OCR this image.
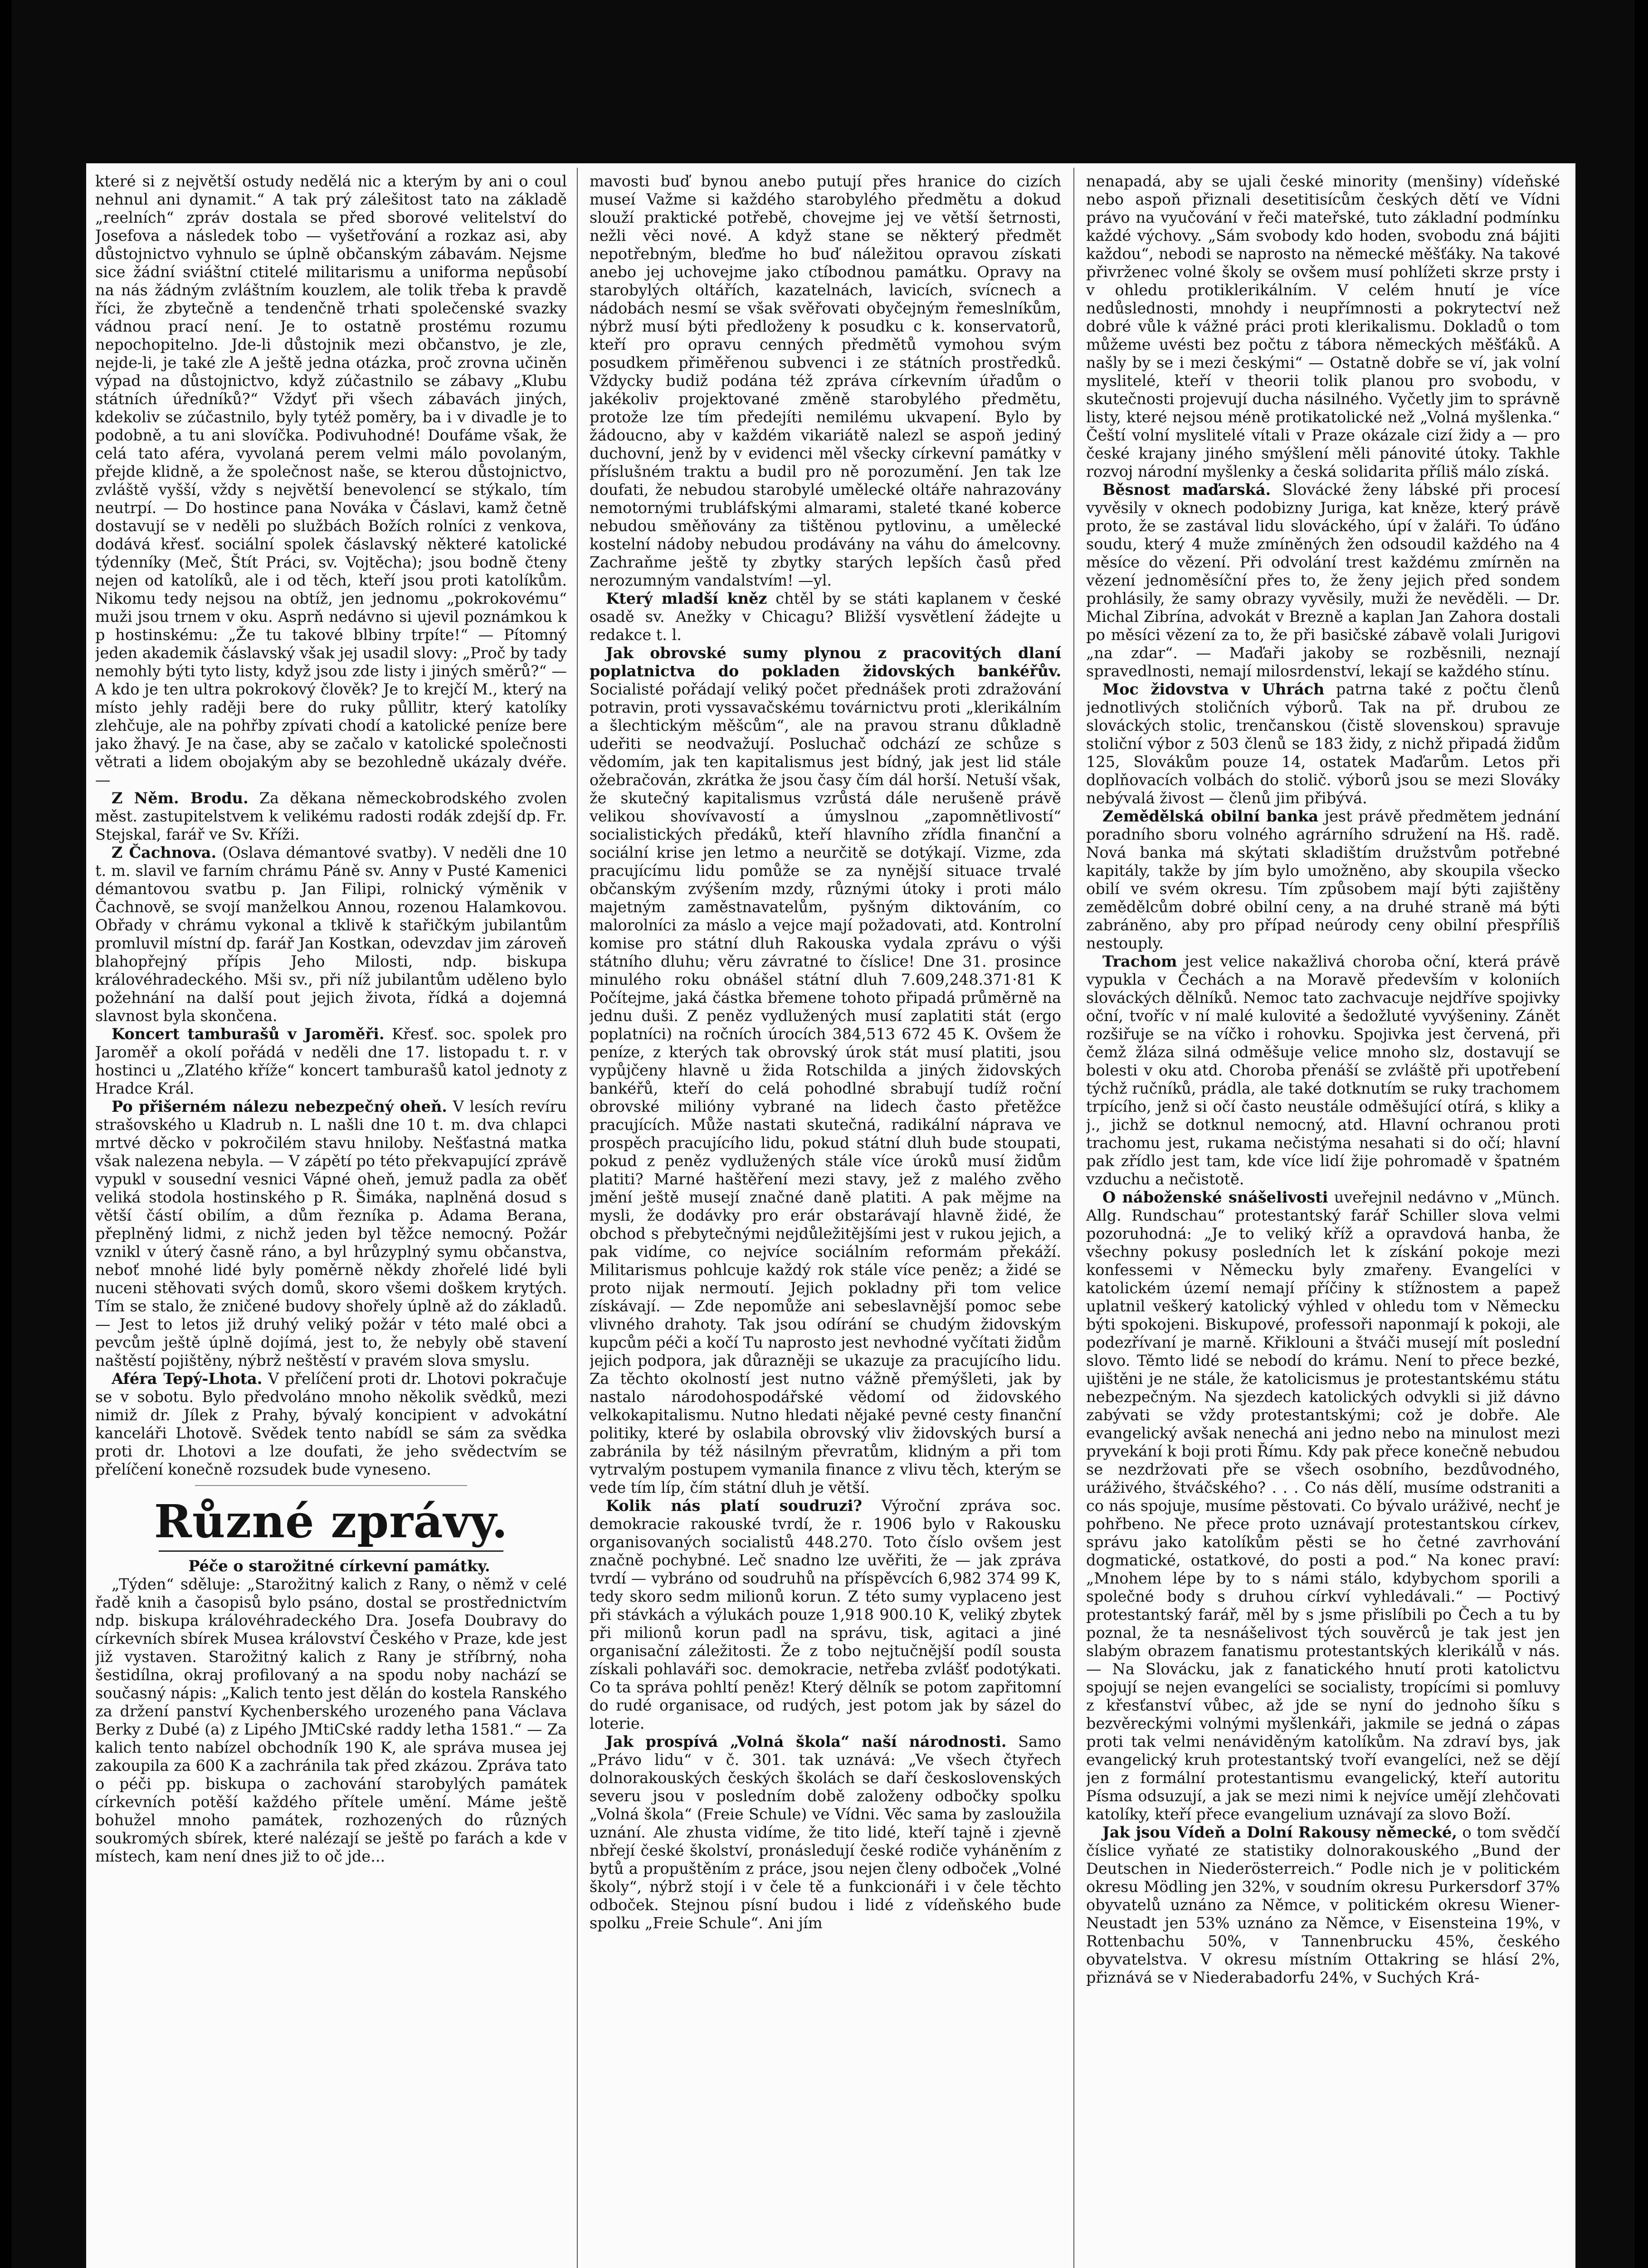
které si z největší ostudy nedělá nic a kterým by ani o coul nehnul ani dynamit.“ A tak prý zálešitost tato na základě „reelních“ zpráv dostala se před sborové velitelství do Josefova a následek tobo — vyšetřování a rozkaz asi, aby důstojnictvo vyhnulo se úplně občanským zábavám. Nejsme sice žádní sviáštní ctitelé militarismu a uniforma nepůsobí na nás žádným zvláštním kouzlem, ale tolik třeba k pravdě říci, že zbytečně a tendenčně trhati společenské svazky vádnou prací není. Je to ostatně prostému rozumu nepochopitelno. Jde-li důstojnik mezi občanstvo, je zle, nejde-li, je také zle A ještě jedna otázka, proč zrovna učiněn výpad na důstojnictvo, když zúčastnilo se zábavy „Klubu státních úředníků?“ Vždyť při všech zábavách jiných, kdekoliv se zúčastnilo, byly tytéž poměry, ba i v divadle je to podobně, a tu ani slovíčka. Podivuhodné! Doufáme však, že celá tato aféra, vyvolaná perem velmi málo povolaným, přejde klidně, a že společnost naše, se kterou důstojnictvo, zvláště vyšší, vždy s největší benevolencí se stýkalo, tím neutrpí. — Do hostince pana Nováka v Čáslavi, kamž četně dostavují se v neděli po službách Božích rolníci z venkova, dodává křesť. sociální spolek čáslavský některé katolické týdenníky (Meč, Štít Práci, sv. Vojtěcha); jsou bodně čteny nejen od katolíků, ale i od těch, kteří jsou proti katolíkům. Nikomu tedy nejsou na obtíž, jen jednomu „pokrokovému“ muži jsou trnem v oku. Asprň nedávno si ujevil poznámkou k p hostinskému: „Že tu takové blbiny trpíte!“ — Pítomný jeden akademik čáslavský však jej usadil slovy: „Proč by tady nemohly býti tyto listy, když jsou zde listy i jiných směrů?“ — A kdo je ten ultra pokrokový člověk? Je to krejčí M., který na místo jehly raději bere do ruky půllitr, který katolíky zlehčuje, ale na pohřby zpívati chodí a katolické peníze bere jako žhavý. Je na čase, aby se začalo v katolické společnosti větrati a lidem obojakým aby se bezohledně ukázaly dvéře. —

Z Něm. Brodu. Za děkana německobrodského zvolen měst. zastupitelstvem k velikému radosti rodák zdejší dp. Fr. Stejskal, farář ve Sv. Kříži.

Z Čachnova. (Oslava démantové svatby). V neděli dne 10 t. m. slavil ve farním chrámu Páně sv. Anny v Pusté Kamenici démantovou svatbu p. Jan Filipi, rolnický výměnik v Čachnově, se svojí manželkou Annou, rozenou Halamkovou. Obřady v chrámu vykonal a tklivě k stařičkým jubilantům promluvil místní dp. farář Jan Kostkan, odevzdav jim zároveň blahopřejný přípis Jeho Milosti, ndp. biskupa královéhradeckého. Mši sv., při níž jubilantům uděleno bylo požehnání na další pout jejich života, řídká a dojemná slavnost byla skončena.

Koncert tamburašů v Jaroměři. Křesť. soc. spolek pro Jaroměř a okolí pořádá v neděli dne 17. listopadu t. r. v hostinci u „Zlatého kříže“ koncert tamburašů katol jednoty z Hradce Král.

Po přišerném nálezu nebezpečný oheň. V lesích revíru strašovského u Kladrub n. L našli dne 10 t. m. dva chlapci mrtvé děcko v pokročilém stavu hniloby. Nešťastná matka však nalezena nebyla. — V zápětí po této překvapující zprávě vypukl v sousední vesnici Vápné oheň, jemuž padla za oběť veliká stodola hostinského p R. Šimáka, naplněná dosud s větší částí obilím, a dům řezníka p. Adama Berana, přeplněný lidmi, z nichž jeden byl těžce nemocný. Požár vznikl v úterý časně ráno, a byl hrůzyplný symu občanstva, neboť mnohé lidé byly poměrně někdy zhořelé lidé byli nuceni stěhovati svých domů, skoro všemi doškem krytých. Tím se stalo, že zničené budovy shořely úplně až do základů. — Jest to letos již druhý veliký požár v této malé obci a pevcům ještě úplně dojímá, jest to, že nebyly obě stavení naštěstí pojištěny, nýbrž neštěstí v pravém slova smyslu.

Aféra Tepý-Lhota. V přelíčení proti dr. Lhotovi pokračuje se v sobotu. Bylo předvoláno mnoho několik svědků, mezi nimiž dr. Jílek z Prahy, bývalý koncipient v advokátní kanceláři Lhotově. Svědek tento nabídl se sám za svědka proti dr. Lhotovi a lze doufati, že jeho svědectvím se přelíčení konečně rozsudek bude vyneseno.

Různé zprávy.

Péče o starožitné církevní památky.

„Týden“ sděluje: „Starožitný kalich z Rany, o němž v celé řadě knih a časopisů bylo psáno, dostal se prostřednictvím ndp. biskupa královéhradeckého Dra. Josefa Doubravy do církevních sbírek Musea království Českého v Praze, kde jest již vystaven. Starožitný kalich z Rany je stříbrný, noha šestidílna, okraj profilovaný a na spodu noby nachází se současný nápis: „Kalich tento jest dělán do kostela Ranského za držení panství Kychenberského urozeného pana Václava Berky z Dubé (a) z Lipého JMtiCské raddy letha 1581.“ — Za kalich tento nabízel obchodník 190 K, ale správa musea jej zakoupila za 600 K a zachránila tak před zkázou. Zpráva tato o péči pp. biskupa o zachování starobylých památek církevních potěší každého přítele umění. Máme ještě bohužel mnoho památek, rozhozených do různých soukromých sbírek, které nalézají se ještě po farách a kde v místech, kam není dnes již to oč jde...

mavosti buď bynou anebo putují přes hranice do cizích museí Važme si každého starobylého předmětu a dokud slouží praktické potřebě, chovejme jej ve větší šetrnosti, nežli věci nové. A když stane se některý předmět nepotřebným, bleďme ho buď náležitou opravou získati anebo jej uchovejme jako ctíbodnou památku. Opravy na starobylých oltářích, kazatelnách, lavicích, svícnech a nádobách nesmí se však svěřovati obyčejným řemeslníkům, nýbrž musí býti předloženy k posudku c k. konservatorů, kteří pro opravu cenných předmětů vymohou svým posudkem přiměřenou subvenci i ze státních prostředků. Vždycky budiž podána též zpráva církevním úřadům o jakékoliv projektované změně starobylého předmětu, protože lze tím předejíti nemilému ukvapení. Bylo by žádoucno, aby v každém vikariátě nalezl se aspoň jediný duchovní, jenž by v evidenci měl všecky církevní památky v příslušném traktu a budil pro ně porozumění. Jen tak lze doufati, že nebudou starobylé umělecké oltáře nahrazovány nemotornými trubláfskými almarami, staleté tkané koberce nebudou směňovány za tištěnou pytlovinu, a umělecké kostelní nádoby nebudou prodávány na váhu do ámelcovny. Zachraňme ještě ty zbytky starých lepších časů před nerozumným vandalstvím! —yl.

Který mladší kněz chtěl by se státi kaplanem v české osadě sv. Anežky v Chicagu? Bližší vysvětlení žádejte u redakce t. l.

Jak obrovské sumy plynou z pracovitých dlaní poplatnictva do pokladen židovských bankéřův. Socialisté pořádají veliký počet přednášek proti zdražování potravin, proti vyssavačskému továrnictvu proti „klerikálním a šlechtickým měšcům“, ale na pravou stranu důkladně udeřiti se neodvažují. Posluchač odchází ze schůze s vědomím, jak ten kapitalismus jest bídný, jak jest lid stále ožebračován, zkrátka že jsou časy čím dál horší. Netuší však, že skutečný kapitalismus vzrůstá dále nerušeně právě velikou shovívavostí a úmyslnou „zapomnětlivostí“ socialistických předáků, kteří hlavního zřídla finanční a sociální krise jen letmo a neurčitě se dotýkají. Vizme, zda pracujícímu lidu pomůže se za nynější situace trvalé občanským zvýšením mzdy, různými útoky i proti málo majetným zaměstnavatelům, pyšným diktováním, co malorolníci za máslo a vejce mají požadovati, atd. Kontrolní komise pro státní dluh Rakouska vydala zprávu o výši státního dluhu; věru závratné to číslice! Dne 31. prosince minulého roku obnášel státní dluh 7.609,248.371·81 K Počítejme, jaká částka břemene tohoto připadá průměrně na jednu duši. Z peněz vydlužených musí zaplatiti stát (ergo poplatníci) na ročních úrocích 384,513 672 45 K. Ovšem že peníze, z kterých tak obrovský úrok stát musí platiti, jsou vypůjčeny hlavně u žida Rotschilda a jiných židovských bankéřů, kteří do celá pohodlné sbrabují tudíž roční obrovské milióny vybrané na lidech často přetěžce pracujících. Může nastati skutečná, radikální náprava ve prospěch pracujícího lidu, pokud státní dluh bude stoupati, pokud z peněz vydlužených stále více úroků musí židům platiti? Marné haštěření mezi stavy, jež z malého zvěho jmění ještě musejí značné daně platiti. A pak mějme na mysli, že dodávky pro erár obstarávají hlavně židé, že obchod s přebytečnými nejdůležitějšími jest v rukou jejich, a pak vidíme, co nejvíce sociálním reformám překáží. Militarismus pohlcuje každý rok stále více peněz; a židé se proto nijak nermoutí. Jejich pokladny při tom velice získávají. — Zde nepomůže ani sebeslavnější pomoc sebe vlivného drahoty. Tak jsou odírání se chudým židovským kupcům péči a kočí Tu naprosto jest nevhodné vyčítati židům jejich podpora, jak důrazněji se ukazuje za pracujícího lidu. Za těchto okolností jest nutno vážně přemýšleti, jak by nastalo národohospodářské vědomí od židovského velkokapitalismu. Nutno hledati nějaké pevné cesty finanční politiky, které by oslabila obrovský vliv židovských bursí a zabránila by též násilným převratům, klidným a při tom vytrvalým postupem vymanila finance z vlivu těch, kterým se vede tím líp, čím státní dluh je větší.

Kolik nás platí soudruzi? Výroční zpráva soc. demokracie rakouské tvrdí, že r. 1906 bylo v Rakousku organisovaných socialistů 448.270. Toto číslo ovšem jest značně pochybné. Leč snadno lze uvěřiti, že — jak zpráva tvrdí — vybráno od soudruhů na příspěvcích 6,982 374 99 K, tedy skoro sedm milionů korun. Z této sumy vyplaceno jest při stávkách a výlukách pouze 1,918 900.10 K, veliký zbytek při milionů korun padl na správu, tisk, agitaci a jiné organisační záležitosti. Že z tobo nejtučnější podíl sousta získali pohlaváři soc. demokracie, netřeba zvlášť podotýkati. Co ta správa pohltí peněz! Který dělník se potom zapřitomní do rudé organisace, od rudých, jest potom jak by sázel do loterie.

Jak prospívá „Volná škola“ naší národnosti. Samo „Právo lidu“ v č. 301. tak uznává: „Ve všech čtyřech dolnorakouských českých školách se daří československých severu jsou v posledním době založeny odbočky spolku „Volná škola“ (Freie Schule) ve Vídni. Věc sama by zasloužila uznání. Ale zhusta vidíme, že tito lidé, kteří tajně i zjevně nbřejí české školství, pronásledují české rodiče vyháněním z bytů a propuštěním z práce, jsou nejen členy odboček „Volné školy“, nýbrž stojí i v čele tě a funkcionáři i v čele těchto odboček. Stejnou písní budou i lidé z vídeňského bude spolku „Freie Schule“. Ani jím

nenapadá, aby se ujali české minority (menšiny) vídeňské nebo aspoň přiznali desetitisícům českých dětí ve Vídni právo na vyučování v řeči mateřské, tuto základní podmínku každé výchovy. „Sám svobody kdo hoden, svobodu zná bájiti každou“, nebodi se naprosto na německé měšťáky. Na takové přivrženec volné školy se ovšem musí pohlížeti skrze prsty i v ohledu protiklerikálním. V celém hnutí je více nedůslednosti, mnohdy i neupřímnosti a pokrytectví než dobré vůle k vážné práci proti klerikalismu. Dokladů o tom můžeme uvésti bez počtu z tábora německých měšťáků. A našly by se i mezi českými“ — Ostatně dobře se ví, jak volní myslitelé, kteří v theorii tolik planou pro svobodu, v skutečnosti projevují ducha násilného. Vyčetly jim to správně listy, které nejsou méně protikatolické než „Volná myšlenka.“ Čeští volní myslitelé vítali v Praze okázale cizí židy a — pro české krajany jiného smýšlení měli pánovité útoky. Takhle rozvoj národní myšlenky a česká solidarita příliš málo získá.

Běsnost maďarská. Slovácké ženy lábské při procesí vyvěsily v oknech podobizny Juriga, kat kněze, který právě proto, že se zastával lidu slováckého, úpí v žaláři. To úďáno soudu, který 4 muže zmíněných žen odsoudil každého na 4 měsíce do vězení. Při odvolání trest každému zmírněn na vězení jednoměsíční přes to, že ženy jejich před sondem prohlásily, že samy obrazy vyvěsily, muži že nevěděli. — Dr. Michal Zibrína, advokát v Brezně a kaplan Jan Zahora dostali po měsíci vězení za to, že při basičské zábavě volali Jurigovi „na zdar“. — Maďaři jakoby se rozběsnili, neznají spravedlnosti, nemají milosrdenství, lekají se každého stínu.

Moc židovstva v Uhrách patrna také z počtu členů jednotlivých stoličních výborů. Tak na př. drubou ze slováckých stolic, trenčanskou (čistě slovenskou) spravuje stoliční výbor z 503 členů se 183 židy, z nichž připadá židům 125, Slovákům pouze 14, ostatek Maďarům. Letos při doplňovacích volbách do stolič. výborů jsou se mezi Slováky nebývalá živost — členů jim přibývá.

Zemědělská obilní banka jest právě předmětem jednání poradního sboru volného agrárního sdružení na Hš. radě. Nová banka má skýtati skladištím družstvům potřebné kapitály, takže by jím bylo umožněno, aby skoupila všecko obilí ve svém okresu. Tím způsobem mají býti zajištěny zemědělcům dobré obilní ceny, a na druhé straně má býti zabráněno, aby pro případ neúrody ceny obilní přespříliš nestouply.

Trachom jest velice nakažlivá choroba oční, která právě vypukla v Čechách a na Moravě především v koloniích slováckých dělníků. Nemoc tato zachvacuje nejdříve spojivky oční, tvoříc v ní malé kulovité a šedožluté vyvýšeniny. Zánět rozšiřuje se na víčko i rohovku. Spojivka jest červená, při čemž žláza silná odměšuje velice mnoho slz, dostavují se bolesti v oku atd. Choroba přenáší se zvláště při upotřebení týchž ručníků, prádla, ale také dotknutím se ruky trachomem trpícího, jenž si očí často neustále odměšující otírá, s kliky a j., jichž se dotknul nemocný, atd. Hlavní ochranou proti trachomu jest, rukama nečistýma nesahati si do očí; hlavní pak zřídlo jest tam, kde více lidí žije pohromadě v špatném vzduchu a nečistotě.

O náboženské snášelivosti uveřejnil nedávno v „Münch. Allg. Rundschau“ protestantský farář Schiller slova velmi pozoruhodná: „Je to veliký kříž a opravdová hanba, že všechny pokusy posledních let k získání pokoje mezi konfessemi v Německu byly zmařeny. Evangelíci v katolickém území nemají příčiny k stížnostem a papež uplatnil veškerý katolický výhled v ohledu tom v Německu býti spokojeni. Biskupové, professoři naponmají k pokoji, ale podezřívaní je marně. Křiklouni a štváči musejí mít poslední slovo. Těmto lidé se nebodí do krámu. Není to přece bezké, ujištěni je ne stále, že katolicismus je protestantskému státu nebezpečným. Na sjezdech katolických odvykli si již dávno zabývati se vždy protestantskými; což je dobře. Ale evangelický avšak nenechá ani jedno nebo na minulost mezi pryvekání k boji proti Římu. Kdy pak přece konečně nebudou se nezdržovati pře se všech osobního, bezdůvodného, uráživého, štváčského? . . . Co nás dělí, musíme odstraniti a co nás spojuje, musíme pěstovati. Co bývalo uráživé, nechť je pohřbeno. Ne přece proto uznávají protestantskou církev, správu jako katolíkům pěsti se ho četné zavrhování dogmatické, ostatkové, do posti a pod.“ Na konec praví: „Mnohem lépe by to s námi stálo, kdybychom sporili a společné body s druhou církví vyhledávali.“ — Poctivý protestantský farář, měl by s jsme přislíbili po Čech a tu by poznal, že ta nesnášelivost tých souvěrců je tak jest jen slabým obrazem fanatismu protestantských klerikálů v nás. — Na Slovácku, jak z fanatického hnutí proti katolictvu spojují se nejen evangelíci se socialisty, tropícími si pomluvy z křesťanství vůbec, až jde se nyní do jednoho šíku s bezvěreckými volnými myšlenkáři, jakmile se jedná o zápas proti tak velmi nenáviděným katolíkům. Na zdraví bys, jak evangelický kruh protestantský tvoří evangelíci, než se dějí jen z formální protestantismu evangelický, kteří autoritu Písma odsuzují, a jak se mezi nimi k nejvíce umějí zlehčovati katolíky, kteří přece evangelium uznávají za slovo Boží.

Jak jsou Vídeň a Dolní Rakousy německé, o tom svědčí číslice vyňaté ze statistiky dolnorakouského „Bund der Deutschen in Niederösterreich.“ Podle nich je v politickém okresu Mödling jen 32%, v soudním okresu Purkersdorf 37% obyvatelů uznáno za Němce, v politickém okresu Wiener-Neustadt jen 53% uznáno za Němce, v Eisensteina 19%, v Rottenbachu 50%, v Tannenbrucku 45%, českého obyvatelstva. V okresu místním Ottakring se hlásí 2%, přiznává se v Niederabadorfu 24%, v Suchých Krá-
